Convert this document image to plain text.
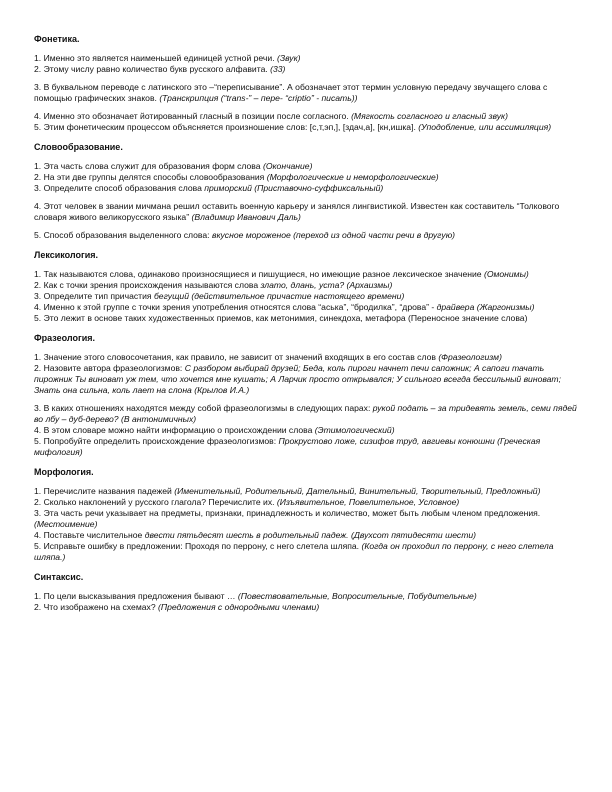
Фонетика.

1. Именно это является наименьшей единицей устной речи. (Звук)

2. Этому числу равно количество букв русского алфавита. (33)

3. В буквальном переводе с латинского это –“переписывание”. А обозначает этот термин условную передачу звучащего слова с помощью графических знаков. (Транскрипция (“trans-” – пере- “criptio” - писать))

4. Именно это обозначает йотированный гласный в позиции после согласного. (Мягкость согласного и гласный звук)

5. Этим фонетическим процессом объясняется произношение слов: [с,т,эп,], [здач,а], [кн,ишка]. (Уподобление, или ассимиляция)

Словообразование.

1. Эта часть слова служит для образования форм слова (Окончание)

2. На эти две группы делятся способы словообразования (Морфологические и неморфологические)

3. Определите способ образования слова приморский (Приставочно-суффиксальный)

4. Этот человек в звании мичмана решил оставить военную карьеру и занялся лингвистикой. Известен как составитель “Толкового словаря живого великорусского языка” (Владимир Иванович Даль)

5. Способ образования выделенного слова: вкусное мороженое (переход из одной части речи в другую)

Лексикология.

1. Так называются слова, одинаково произносящиеся и пишущиеся, но имеющие разное лексическое значение (Омонимы)

2. Как с точки зрения происхождения называются слова злато, длань, уста? (Архаизмы)

3. Определите тип причастия бегущий (действительное причастие настоящего времени)

4. Именно к этой группе с точки зрения употребления относятся слова “аська”, “бродилка”, “дрова” - драйвера (Жаргонизмы)

5. Это лежит в основе таких художественных приемов, как метонимия, синекдоха, метафора (Переносное значение слова)

Фразеология.

1. Значение этого словосочетания, как правило, не зависит от значений входящих в его состав слов (Фразеологизм)

2. Назовите автора фразеологизмов: С разбором выбирай друзей; Беда, коль пироги начнет печи сапожник; А сапоги тачать пирожник Ты виноват уж тем, что хочется мне кушать; А Ларчик просто открывался; У сильного всегда бессильный виноват; Знать она сильна, коль лает на слона (Крылов И.А.)

3. В каких отношениях находятся между собой фразеологизмы в следующих парах: рукой подать – за тридевять земель, семи пядей во лбу – дуб-дерево? (В антонимичных)

4. В этом словаре можно найти информацию о происхождении слова (Этимологический)

5. Попробуйте определить происхождение фразеологизмов: Прокрустово ложе, сизифов труд, авгиевы конюшни (Греческая мифология)

Морфология.

1. Перечислите названия падежей (Именительный, Родительный, Дательный, Винительный, Творительный, Предложный)

2. Сколько наклонений у русского глагола? Перечислите их. (Изъявительное, Повелительное, Условное)

3. Эта часть речи указывает на предметы, признаки, принадлежность и количество, может быть любым членом предложения. (Местоимение)

4. Поставьте числительное двести пятьдесят шесть в родительный падеж. (Двухсот пятидесяти шести)

5. Исправьте ошибку в предложении: Проходя по перрону, с него слетела шляпа. (Когда он проходил по перрону, с него слетела шляпа.)

Синтаксис.

1. По цели высказывания предложения бывают … (Повествовательные, Вопросительные, Побудительные)

2. Что изображено на схемах? (Предложения с однородными членами)
